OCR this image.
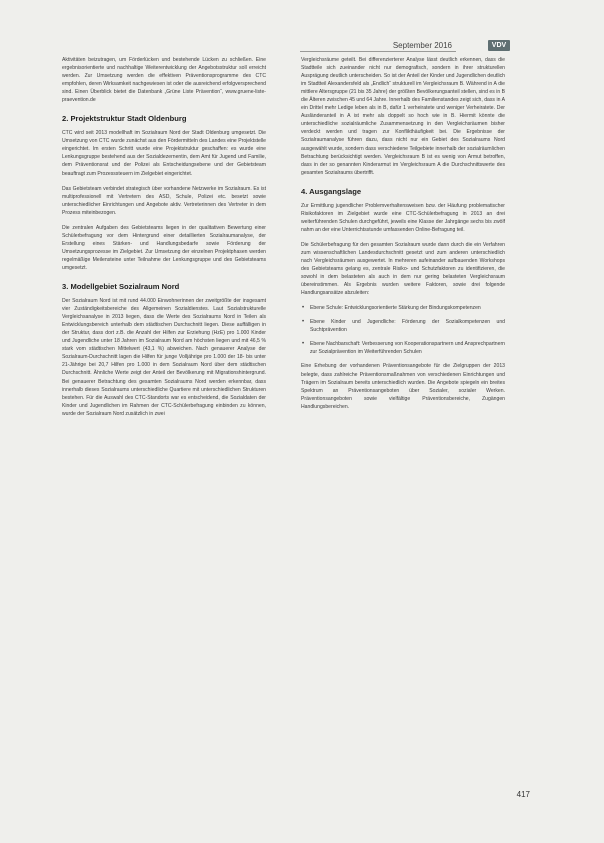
September 2016	VDV

Aktivitäten beizutragen, um Förderlücken und bestehende Lücken zu schließen. Eine ergebnisorientierte und nachhaltige Weiterentwicklung der Angebotsstruktur soll erreicht werden. Zur Umsetzung werden die effektiven Präventionsprogramme des CTC empfohlen, deren Wirksamkeit nachgewiesen ist oder die ausreichend erfolgversprechend sind. Einen Überblick bietet die Datenbank „Grüne Liste Prävention“, www.gruene-liste-praevention.de

2. Projektstruktur Stadt Oldenburg

CTC wird seit 2013 modellhaft im Sozialraum Nord der Stadt Oldenburg umgesetzt. Die Umsetzung von CTC wurde zunächst aus den Fördermitteln des Landes eine Projektstelle eingerichtet. Im ersten Schritt wurde eine Projektstruktur geschaffen: es wurde eine Lenkungsgruppe bestehend aus der Sozialdezernentin, dem Amt für Jugend und Familie, dem Präventionsrat und der Polizei als Entscheidungsebene und der Gebietsteam beauftragt zum Prozesssteuern im Zielgebiet eingerichtet.

Das Gebietsteam verbindet strategisch über vorhandene Netzwerke im Sozialraum. Es ist multiprofessionell mit Vertretern des ASD, Schule, Polizei etc. besetzt sowie unterschiedlicher Einrichtungen und Angebote aktiv. Vertreterinnen des Vertreter in dem Prozess miteinbezogen.

Die zentralen Aufgaben des Gebietsteams liegen in der qualitativen Bewertung einer Schülerbefragung vor dem Hintergrund einer detaillierten Sozialraumanalyse, der Erstellung eines Stärken- und Handlungsbedarfe sowie Förderung der Umsetzungsprozesse im Zielgebiet. Zur Umsetzung der einzelnen Projektphasen werden regelmäßige Meilensteine unter Teilnahme der Lenkungsgruppe und des Gebietsteams umgesetzt.

3. Modellgebiet Sozialraum Nord

Der Sozialraum Nord ist mit rund 44.000 Einwohnerinnen der zweitgrößte der insgesamt vier Zuständigkeitsbereiche des Allgemeinen Sozialdienstes. Laut Sozialstrukturelle Vergleichsanalyse in 2013 liegen, dass die Werte des Sozialraums Nord in Teilen als Entwicklungsbereich unterhalb dem städtischen Durchschnitt liegen. Diese auffälligen in der Struktur, dass dort z.B. die Anzahl der Hilfen zur Erziehung (HzE) pro 1.000 Kinder und Jugendliche unter 18 Jahren im Sozialraum Nord am höchsten liegen und mit 46,5 % stark vom städtischen Mittelwert (43,1 %) abweichen. Nach genauerer Analyse der Sozialraum-Durchschnitt lagen die Hilfen für junge Volljährige pro 1.000 der 18- bis unter 21-Jährige bei 20,7 Hilfen pro 1.000 in dem Sozialraum Nord über dem städtischen Durchschnitt. Ähnliche Werte zeigt der Anteil der Bevölkerung mit Migrationshintergrund. Bei genauerer Betrachtung des gesamten Sozialraums Nord werden erkennbar, dass innerhalb dieses Sozialraums unterschiedliche Quartiere mit unterschiedlichen Strukturen bestehen. Für die Auswahl des CTC-Standorts war es entscheidend, die Sozialdaten der Kinder und Jugendlichen im Rahmen der CTC-Schülerbefragung einbinden zu können, wurde der Sozialraum Nord zusätzlich in zwei

Vergleichsräume geteilt. Bei differenzierterer Analyse lässt deutlich erkennen, dass die Stadtteile sich zueinander nicht nur demografisch, sondern in ihrer strukturellen Ausprägung deutlich unterscheiden. So ist der Anteil der Kinder und Jugendlichen deutlich im Stadtteil Alexandersfeld als „Endlich“ strukturell im Vergleichsraum B. Während in A die mittlere Altersgruppe (21 bis 35 Jahre) der größten Bevölkerungsanteil stellen, sind es in B die Älteren zwischen 45 und 64 Jahre. Innerhalb des Familienstandes zeigt sich, dass in A ein Drittel mehr Ledige leben als in B, dafür 1 verheiratete und weniger Verheiratete. Der Ausländeranteil in A ist mehr als doppelt so hoch wie in B. Hiermit könnte die unterschiedliche sozialräumliche Zusammensetzung in den Vergleichsräumen bisher verdeckt werden und tragen zur Konflikthäufigkeit bei. Die Ergebnisse der Sozialraumanalyse führen dazu, dass nicht nur ein Gebiet des Sozialraums Nord ausgewählt wurde, sondern dass verschiedene Teilgebiete innerhalb der sozialräumlichen Betrachtung berücksichtigt werden. Vergleichsraum B ist es wenig von Armut betroffen, dass in der so genannten Kinderarmut im Vergleichsraum A die Durchschnittswerte des gesamten Sozialraums übertrifft.

4. Ausgangslage

Zur Ermittlung jugendlicher Problemverhaltensweisen bzw. der Häufung problematischer Risikofaktoren im Zielgebiet wurde eine CTC-Schülerbefragung in 2013 an drei weiterführenden Schulen durchgeführt, jeweils eine Klasse der Jahrgänge sechs bis zwölf nahm an der eine Unterrichtsstunde umfassenden Online-Befragung teil.

Die Schülerbefragung für den gesamten Sozialraum wurde dann durch die ein Verfahren zum wissenschaftlichen Landesdurchschnitt gesetzt und zum anderen unterschiedlich nach Vergleichsräumen ausgewertet. In mehreren aufeinander aufbauenden Workshops des Gebietsteams gelang es, zentrale Risiko- und Schutzfaktoren zu identifizieren, die sowohl in dem belasteten als auch in dem nur gering belasteten Vergleichsraum übereinstimmen. Als Ergebnis wurden weitere Faktoren, sowie drei folgende Handlungsansätze abzuleiten:

• Ebene Schule: Entwicklungsorientierte Stärkung der Bindungskompetenzen
• Ebene Kinder und Jugendliche: Förderung der Sozialkompetenzen und Suchtprävention
• Ebene Nachbarschaft: Verbesserung von Kooperationspartnern und Ansprechpartnern zur Sozialprävention im Weiterführenden Schulen

Eine Erhebung der vorhandenen Präventionsangebote für die Zielgruppen der 2013 belegte, dass zahlreiche Präventionsmaßnahmen von verschiedenen Einrichtungen und Trägern im Sozialraum bereits unterschiedlich wurden. Die Angebote spiegeln ein breites Spektrum an Präventionsangeboten über Sozialer, sozialer Werken. Präventionsangeboten sowie vielfältige Präventionsbereiche, Zugängen Handlungsbereichen.

417
